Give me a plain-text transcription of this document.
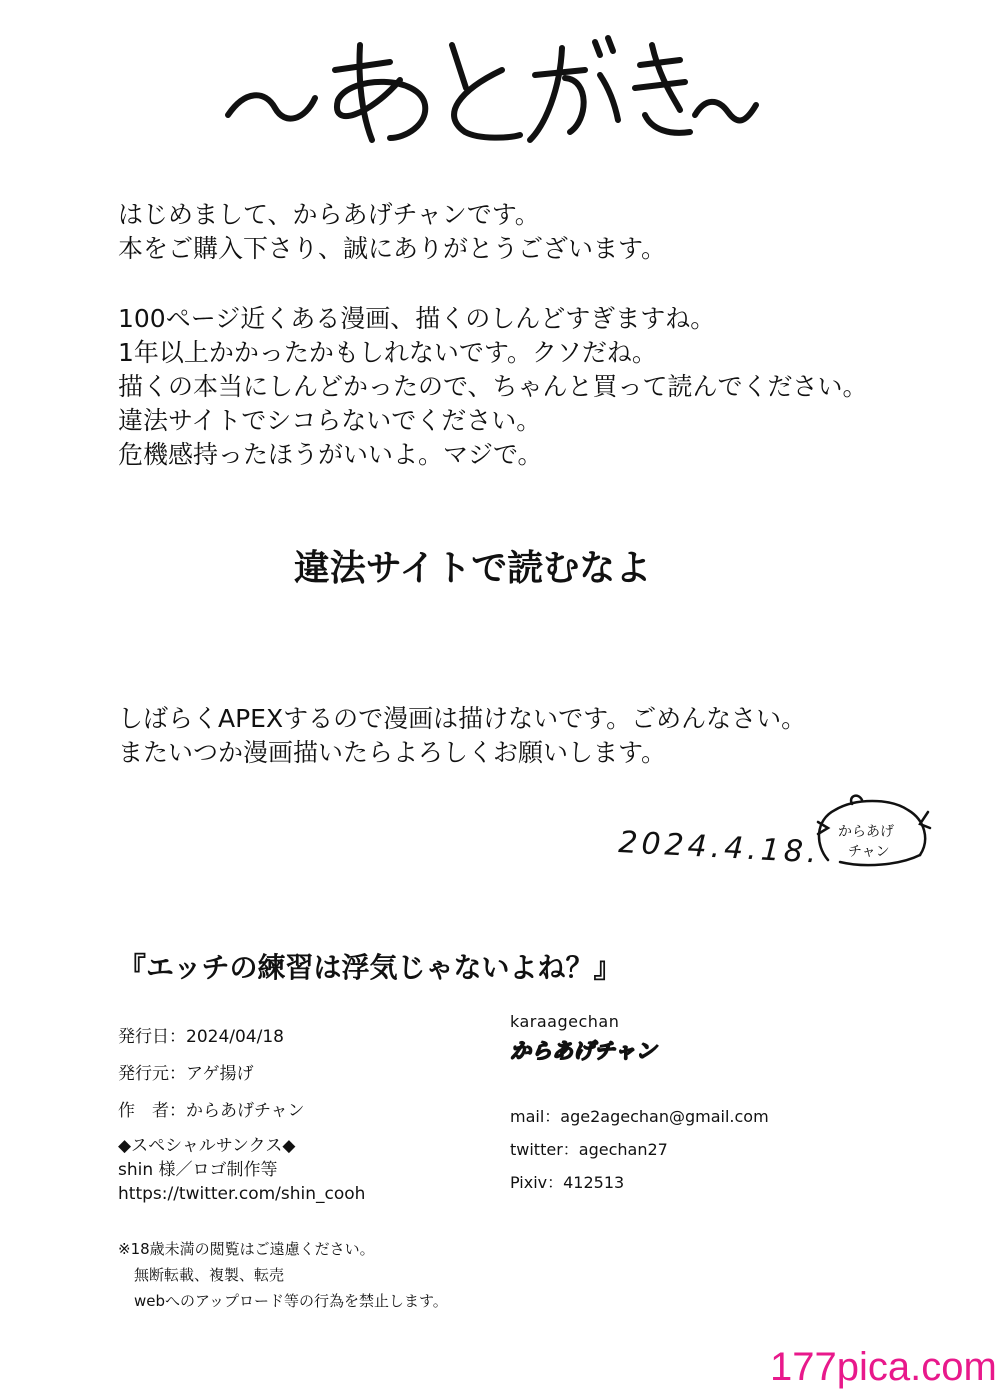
はじめまして、からあげチャンです。
本をご購入下さり、誠にありがとうございます。
100ページ近くある漫画、描くのしんどすぎますね。
1年以上かかったかもしれないです。クソだね。
描くの本当にしんどかったので、ちゃんと買って読んでください。
違法サイトでシコらないでください。
危機感持ったほうがいいよ。マジで。
違法サイトで読むなよ
しばらくAPEXするので漫画は描けないです。ごめんなさい。
またいつか漫画描いたらよろしくお願いします。
2024.4.18. からあげ
チャン
『エッチの練習は浮気じゃないよね？』
発行日：2024/04/18
発行元：アゲ揚げ
作　者：からあげチャン
◆スペシャルサンクス◆
shin 様／ロゴ制作等
https://twitter.com/shin_cooh
※18歳未満の閲覧はご遠慮ください。
無断転載、複製、転売
webへのアップロード等の行為を禁止します。
karaagechan
からあげチャン
mail：age2agechan@gmail.com
twitter：agechan27
Pixiv：412513
177pica.com
